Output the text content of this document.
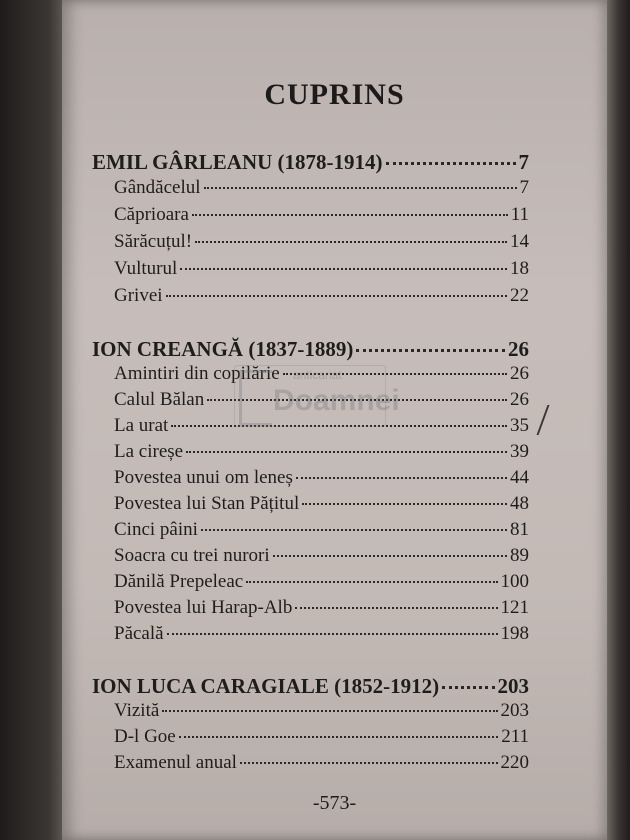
CUPRINS
EMIL GÂRLEANU (1878-1914)	7
Gândăcelul	7
Căprioara	11
Sărăcuțul!	14
Vulturul	18
Grivei	22
ION CREANGĂ (1837-1889)	26
Amintiri din copilărie	26
Calul Bălan	26
La urat	35
La cireșe	39
Povestea unui om leneș	44
Povestea lui Stan Pățitul	48
Cinci pâini	81
Soacra cu trei nurori	89
Dănilă Prepeleac	100
Povestea lui Harap-Alb	121
Păcală	198
ION LUCA CARAGIALE (1852-1912)	203
Vizită	203
D-l Goe	211
Examenul anual	220
anticariat
Doamnei
-573-
